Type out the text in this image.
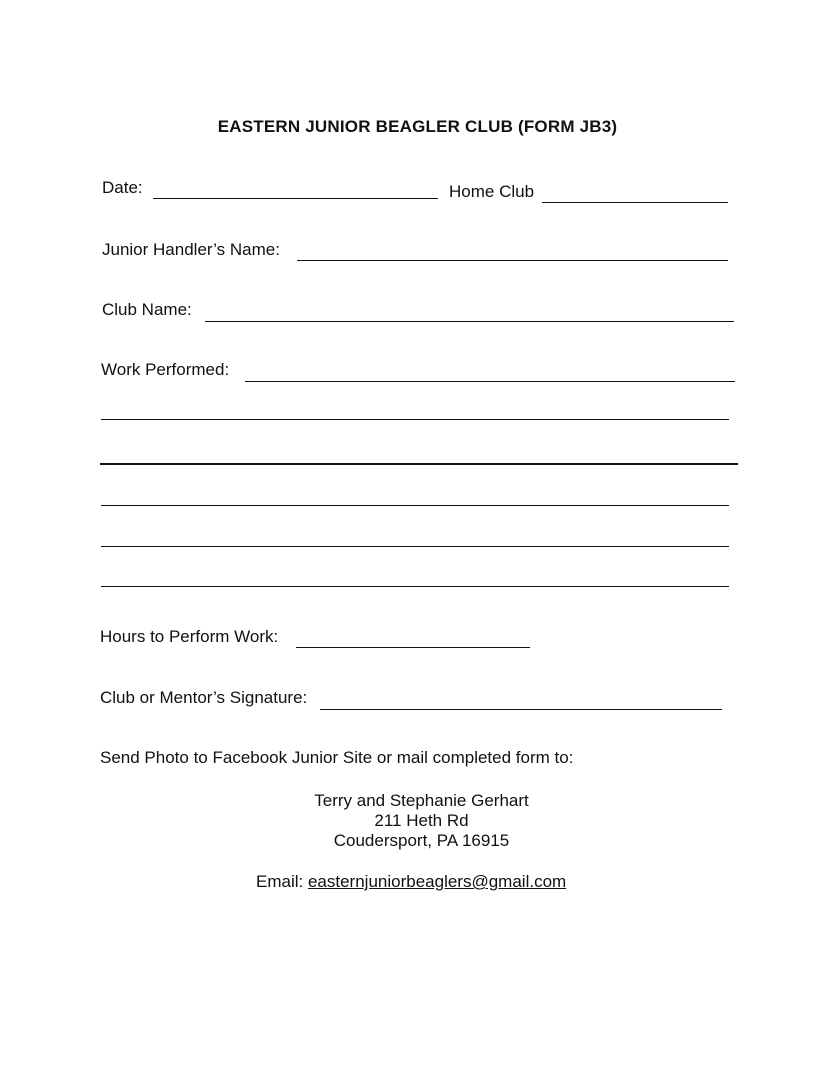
EASTERN JUNIOR BEAGLER CLUB (FORM JB3)
Date:	Home Club
Junior Handler’s Name:
Club Name:
Work Performed:
Hours to Perform Work:
Club or Mentor’s Signature:
Send Photo to Facebook Junior Site or mail completed form to:
Terry and Stephanie Gerhart
211 Heth Rd
Coudersport, PA 16915
Email: easternjuniorbeaglers@gmail.com
